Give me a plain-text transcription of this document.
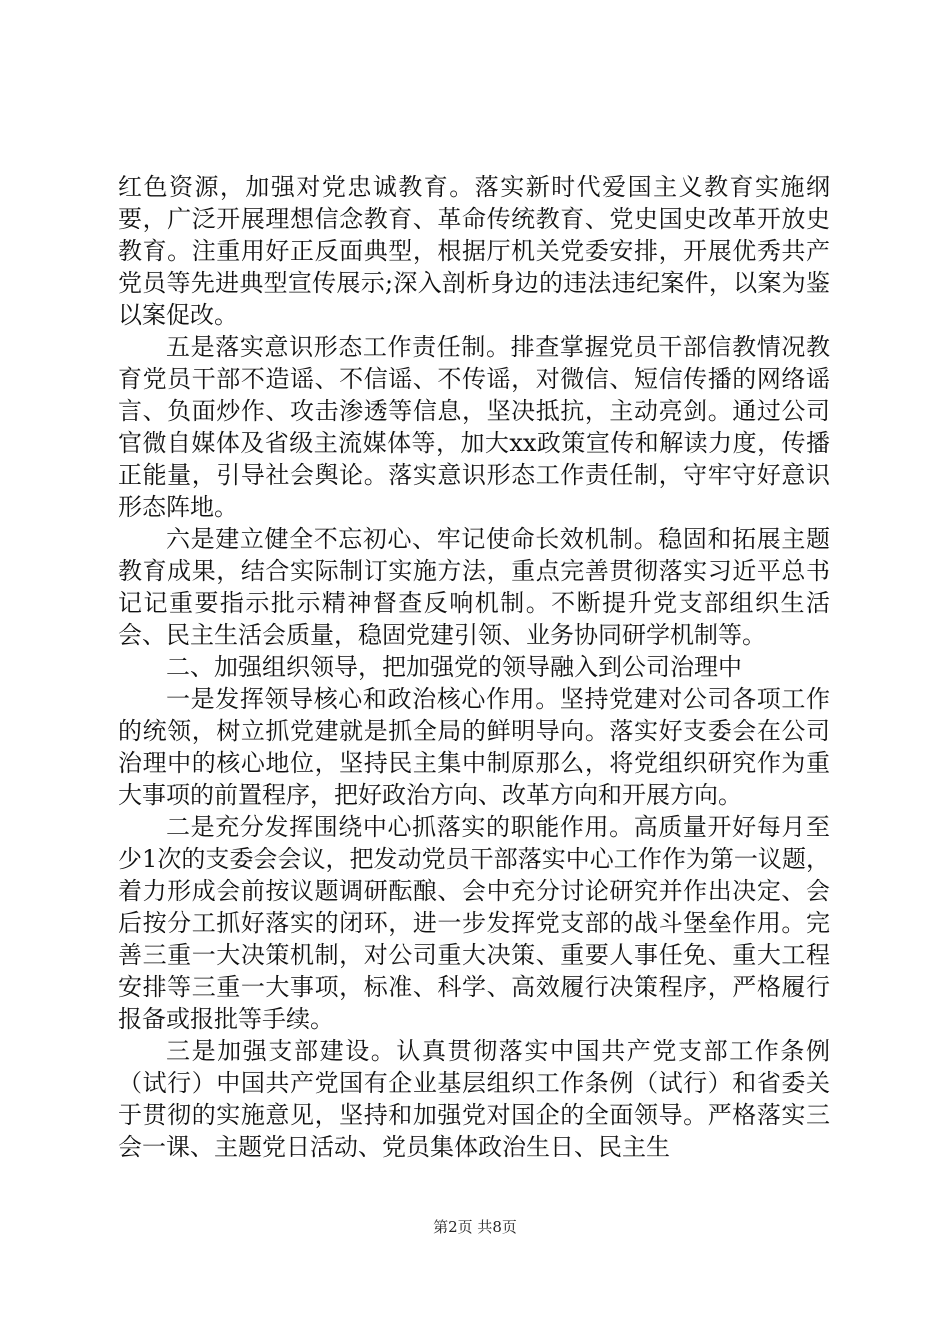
红色资源，加强对党忠诚教育。落实新时代爱国主义教育实施纲要，广泛开展理想信念教育、革命传统教育、党史国史改革开放史教育。注重用好正反面典型，根据厅机关党委安排，开展优秀共产党员等先进典型宣传展示;深入剖析身边的违法违纪案件，以案为鉴以案促改。

五是落实意识形态工作责任制。排查掌握党员干部信教情况教育党员干部不造谣、不信谣、不传谣，对微信、短信传播的网络谣言、负面炒作、攻击渗透等信息，坚决抵抗，主动亮剑。通过公司官微自媒体及省级主流媒体等，加大xx政策宣传和解读力度，传播正能量，引导社会舆论。落实意识形态工作责任制，守牢守好意识形态阵地。

六是建立健全不忘初心、牢记使命长效机制。稳固和拓展主题教育成果，结合实际制订实施方法，重点完善贯彻落实习近平总书记记重要指示批示精神督查反响机制。不断提升党支部组织生活会、民主生活会质量，稳固党建引领、业务协同研学机制等。

二、加强组织领导，把加强党的领导融入到公司治理中

一是发挥领导核心和政治核心作用。坚持党建对公司各项工作的统领，树立抓党建就是抓全局的鲜明导向。落实好支委会在公司治理中的核心地位，坚持民主集中制原那么，将党组织研究作为重大事项的前置程序，把好政治方向、改革方向和开展方向。

二是充分发挥围绕中心抓落实的职能作用。高质量开好每月至少1次的支委会会议，把发动党员干部落实中心工作作为第一议题，着力形成会前按议题调研酝酿、会中充分讨论研究并作出决定、会后按分工抓好落实的闭环，进一步发挥党支部的战斗堡垒作用。完善三重一大决策机制，对公司重大决策、重要人事任免、重大工程安排等三重一大事项，标准、科学、高效履行决策程序，严格履行报备或报批等手续。

三是加强支部建设。认真贯彻落实中国共产党支部工作条例（试行）中国共产党国有企业基层组织工作条例（试行）和省委关于贯彻的实施意见，坚持和加强党对国企的全面领导。严格落实三会一课、主题党日活动、党员集体政治生日、民主生

第2页 共8页
